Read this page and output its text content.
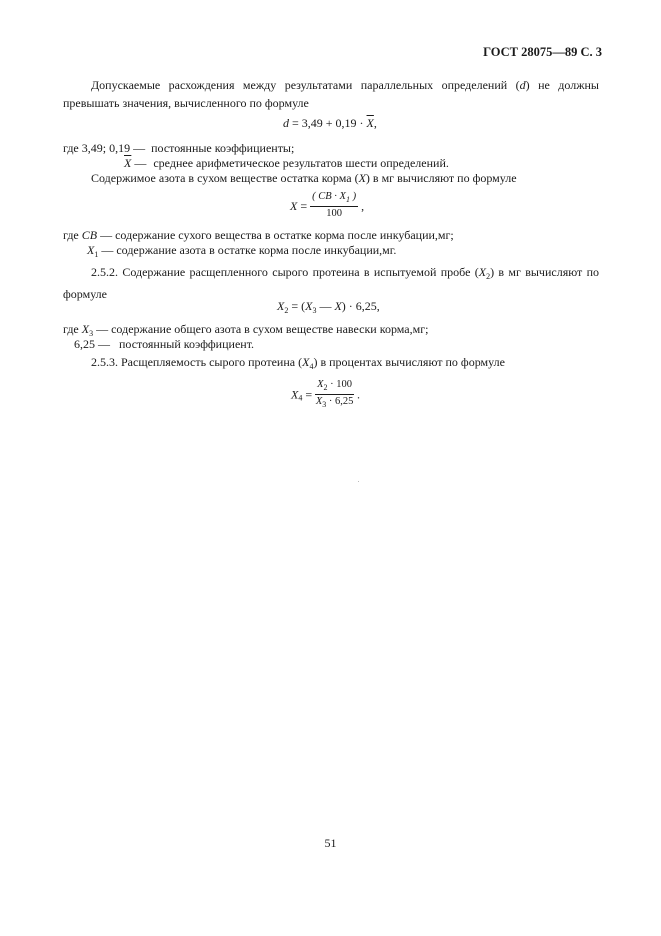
ГОСТ 28075—89 С. 3
Допускаемые расхождения между результатами параллельных определений (d) не должны превышать значения, вычисленного по формуле
$d = 3,49 + 0,19 \cdot \overline{X}$,
где 3,49; 0,19 — постоянные коэффициенты;
$\overline{X}$ — среднее арифметическое результатов шести определений.
Содержимое азота в сухом веществе остатка корма (X) в мг вычисляют по формуле
$X = \frac{( CB \cdot X_1 )}{100}$ ,
где CB — содержание сухого вещества в остатке корма после инкубации,мг;
$X_1$ — содержание азота в остатке корма после инкубации,мг.
2.5.2. Содержание расщепленного сырого протеина в испытуемой пробе $(X_2)$ в мг вычисляют по формуле
$X_2 = (X_3$ — X) · 6,25,
где $X_3$ — содержание общего азота в сухом веществе навески корма,мг;
6,25 — постоянный коэффициент.
2.5.3. Расщепляемость сырого протеина $(X_4)$ в процентах вычисляют по формуле
$X_4 = \frac{X_2 \cdot 100}{X_3 \cdot 6,25}$ .
51
